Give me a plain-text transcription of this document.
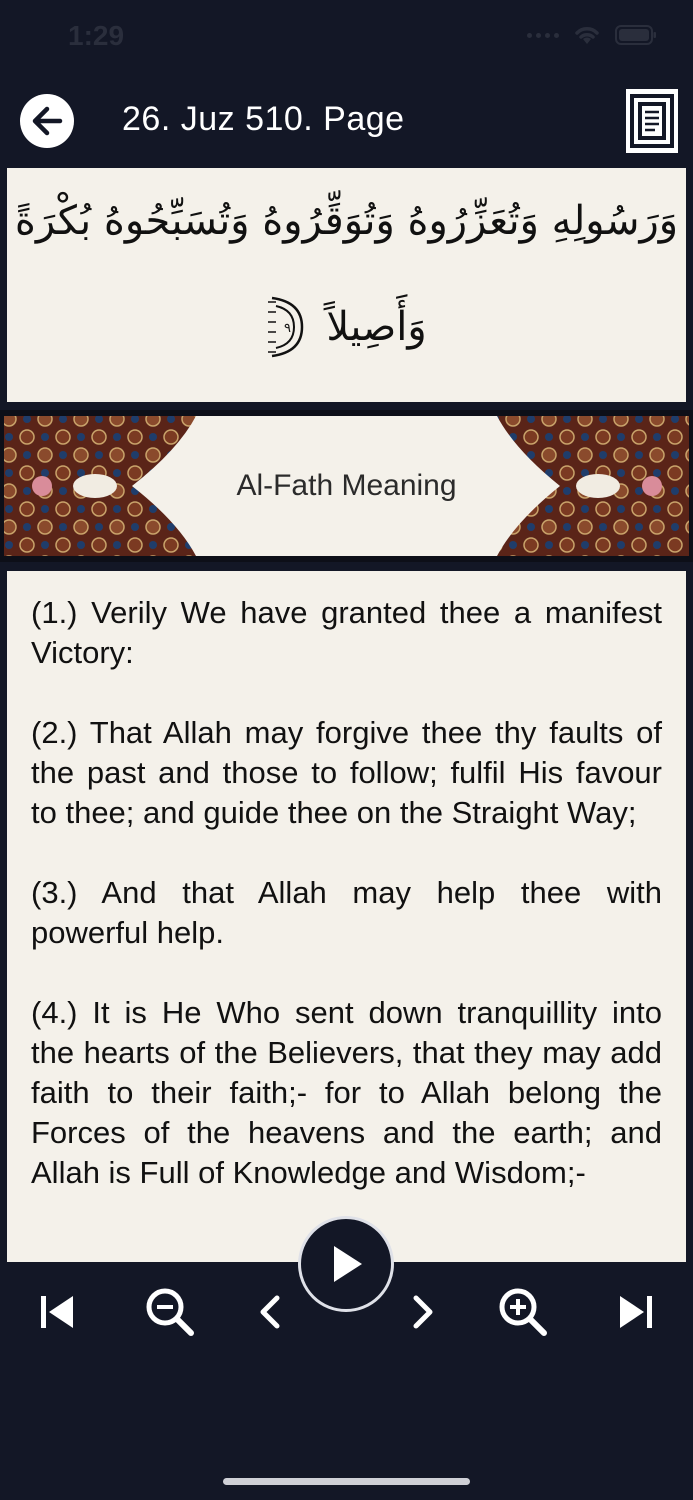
1:29
26. Juz 510. Page
وَرَسُولِهِ وَتُعَزِّرُوهُ وَتُوَقِّرُوهُ وَتُسَبِّحُوهُ بُكْرَةً
٩ وَأَصِيلاً
Al-Fath Meaning

(1.) Verily We have granted thee a manifest Victory:

(2.) That Allah may forgive thee thy faults of the past and those to follow; fulfil His favour to thee; and guide thee on the Straight Way;

(3.) And that Allah may help thee with powerful help.

(4.) It is He Who sent down tranquillity into the hearts of the Believers, that they may add faith to their faith;- for to Allah belong the Forces of the heavens and the earth; and Allah is Full of Knowledge and Wisdom;-
